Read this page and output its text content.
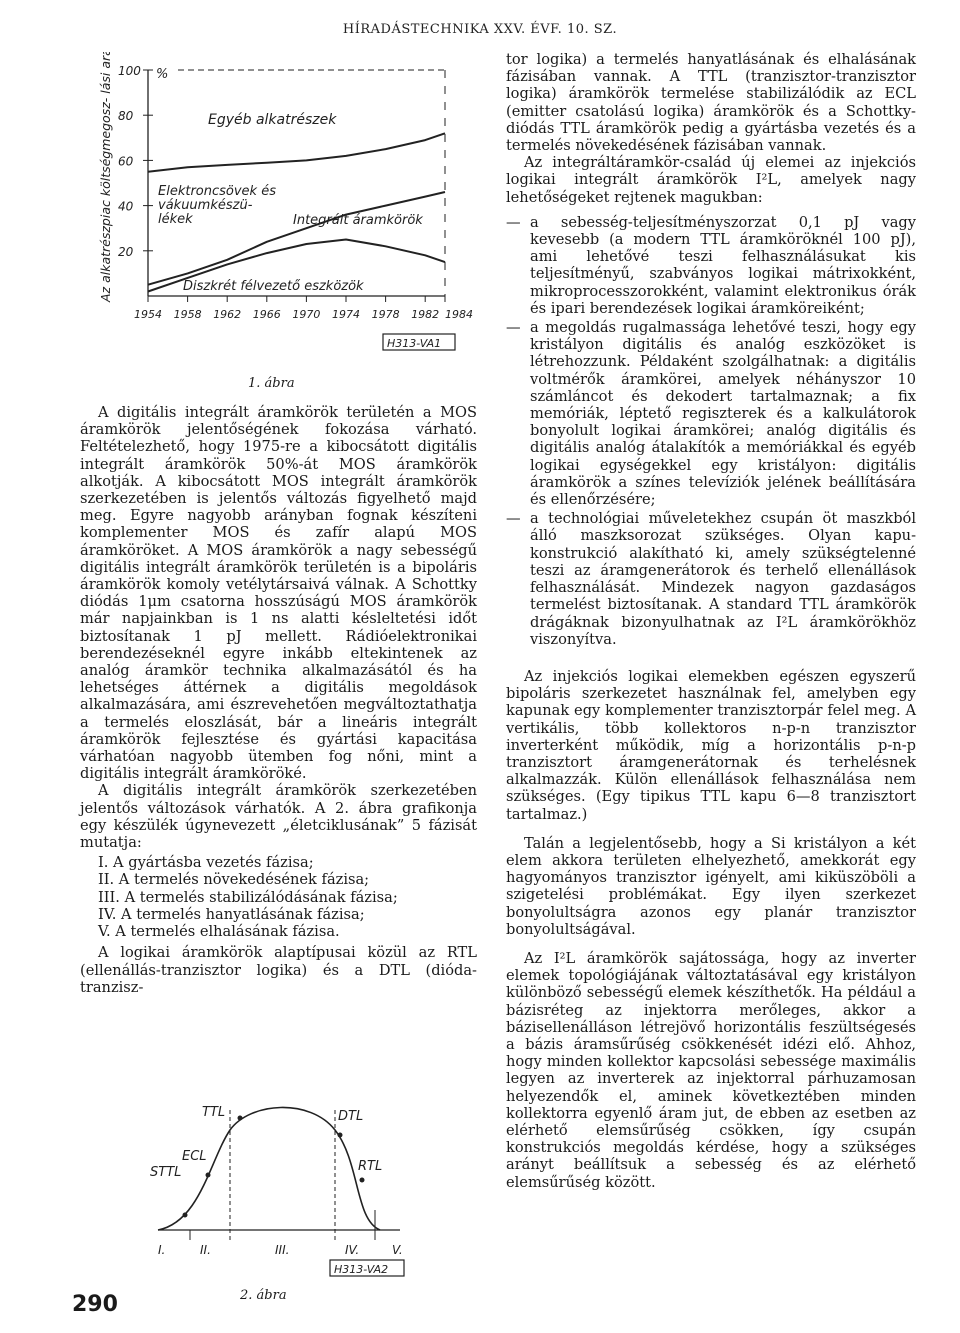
HÍRADÁSTECHNIKA XXV. ÉVF. 10. SZ.
Az alkatrészpiac költségmegosz- lási aránya	%
100
80
60
40
20
1954 1958 1962 1966 1970 1974 1978 1982 1984
Egyéb alkatrészek
Elektroncsövek és
vákuumkészü-
lékek	Integrált áramkörök
Diszkrét félvezető eszközök
H313-VA1
1. ábra

A digitális integrált áramkörök területén a MOS áramkörök jelentőségének fokozása várható. Feltételezhető, hogy 1975-re a kibocsátott digitális integrált áramkörök 50%-át MOS áramkörök alkotják. A kibocsátott MOS integrált áramkörök szerkezetében is jelentős változás figyelhető majd meg. Egyre nagyobb arányban fognak készíteni komplementer MOS és zafír alapú MOS áramköröket. A MOS áramkörök a nagy sebességű digitális integrált áramkörök területén is a bipoláris áramkörök komoly vetélytársaivá válnak. A Schottky diódás 1μm csatorna hosszúságú MOS áramkörök már napjainkban is 1 ns alatti késleltetési időt biztosítanak 1 pJ mellett. Rádióelektronikai berendezéseknél egyre inkább eltekintenek az analóg áramkör technika alkalmazásától és ha lehetséges áttérnek a digitális megoldások alkalmazására, ami észrevehetően megváltoztathatja a termelés eloszlását, bár a lineáris integrált áramkörök fejlesztése és gyártási kapacitása várhatóan nagyobb ütemben fog nőni, mint a digitális integrált áramköröké.

A digitális integrált áramkörök szerkezetében jelentős változások várhatók. A 2. ábra grafikonja egy készülék úgynevezett „életciklusának” 5 fázisát mutatja:

I. A gyártásba vezetés fázisa;
II. A termelés növekedésének fázisa;
III. A termelés stabilizálódásának fázisa;
IV. A termelés hanyatlásának fázisa;
V. A termelés elhalásának fázisa.

A logikai áramkörök alaptípusai közül az RTL (ellenállás-tranzisztor logika) és a DTL (dióda-tranzisz-

TTL	DTL
ECL
STTL	RTL
I.	II.	III.	IV.	V.
H313-VA2
2. ábra

tor logika) a termelés hanyatlásának és elhalásának fázisában vannak. A TTL (tranzisztor-tranzisztor logika) áramkörök termelése stabilizálódik az ECL (emitter csatolású logika) áramkörök és a Schottky-diódás TTL áramkörök pedig a gyártásba vezetés és a termelés növekedésének fázisában vannak.

Az integráltáramkör-család új elemei az injekciós logikai integrált áramkörök I²L, amelyek nagy lehetőségeket rejtenek magukban:

— a sebesség-teljesítményszorzat 0,1 pJ vagy kevesebb (a modern TTL áramköröknél 100 pJ), ami lehetővé teszi felhasználásukat kis teljesítményű, szabványos logikai mátrixokként, mikroprocesszorokként, valamint elektronikus órák és ipari berendezések logikai áramköreiként;
— a megoldás rugalmassága lehetővé teszi, hogy egy kristályon digitális és analóg eszközöket is létrehozzunk. Példaként szolgálhatnak: a digitális voltmérők áramkörei, amelyek néhányszor 10 számláncot és dekodert tartalmaznak; a fix memóriák, léptető regiszterek és a kalkulátorok bonyolult logikai áramkörei; analóg digitális és digitális analóg átalakítók a memóriákkal és egyéb logikai egységekkel egy kristályon: digitális áramkörök a színes televíziók jelének beállítására és ellenőrzésére;
— a technológiai műveletekhez csupán öt maszkból álló maszksorozat szükséges. Olyan kapu-konstrukció alakítható ki, amely szükségtelenné teszi az áramgenerátorok és terhelő ellenállások felhasználását. Mindezek nagyon gazdaságos termelést biztosítanak. A standard TTL áramkörök drágáknak bizonyulhatnak az I²L áramkörökhöz viszonyítva.

Az injekciós logikai elemekben egészen egyszerű bipoláris szerkezetet használnak fel, amelyben egy kapunak egy komplementer tranzisztorpár felel meg. A vertikális, több kollektoros n-p-n tranzisztor inverterként működik, míg a horizontális p-n-p tranzisztort áramgenerátornak és terhelésnek alkalmazzák. Külön ellenállások felhasználása nem szükséges. (Egy tipikus TTL kapu 6—8 tranzisztort tartalmaz.)

Talán a legjelentősebb, hogy a Si kristályon a két elem akkora területen elhelyezhető, amekkorát egy hagyományos tranzisztor igényelt, ami kiküszöböli a szigetelési problémákat. Egy ilyen szerkezet bonyolultságra azonos egy planár tranzisztor bonyolultságával.

Az I²L áramkörök sajátossága, hogy az inverter elemek topológiájának változtatásával egy kristályon különböző sebességű elemek készíthetők. Ha például a bázisréteg az injektorra merőleges, akkor a bázisellenálláson létrejövő horizontális feszültségesés a bázis áramsűrűség csökkenését idézi elő. Ahhoz, hogy minden kollektor kapcsolási sebessége maximális legyen az inverterek az injektorral párhuzamosan helyezendők el, aminek következtében minden kollektorra egyenlő áram jut, de ebben az esetben az elérhető elemsűrűség csökken, így csupán konstrukciós megoldás kérdése, hogy a szükséges arányt beállítsuk a sebesség és az elérhető elemsűrűség között.

290
